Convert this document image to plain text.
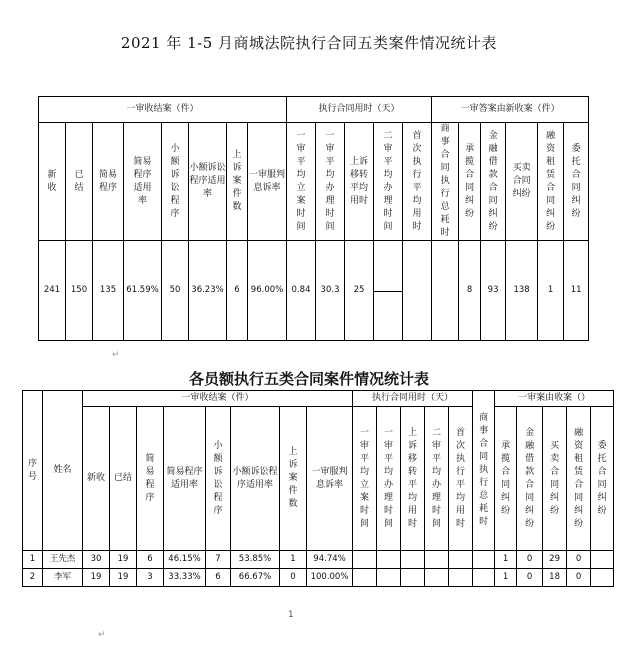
2021 年 1-5 月商城法院执行合同五类案件情况统计表
一审收结案（件）								执行合同用时（天）					一审答案由新收案（件）					
新收	已结	简易程序	简易程序适用率	小额诉讼程序	小额诉讼程序适用率	上诉案件数	一审服判息诉率	一审平均立案时间	一审平均办理时间	上诉移转平均用时	二审平均办理时间	首次执行平均用时	商事合同执行总耗时	承揽合同纠纷	金融借款合同纠纷	买卖合同纠纷	融资租赁合同纠纷	委托合同纠纷
241	150	135	61.59%	50	36.23%	6	96.00%	0.84	30.3	25				8	93	138	1	11
↵
各员额执行五类合同案件情况统计表
序号	姓名	一审收结案（件）								执行合同用时（天）					商事合同执行总耗时	一审案由收案（）				
		新收	已结	简易程序	简易程序适用率	小额诉讼程序	小额诉讼程序适用率	上诉案件数	一审服判息诉率	一审平均立案时间	一审平均办理时间	上诉移转平均用时	二审平均办理时间	首次执行平均用时		承揽合同纠纷	金融借款合同纠纷	买卖合同纠纷	融资租赁合同纠纷	委托合同纠纷
1	王先杰	30	19	6	46.15%	7	53.85%	1	94.74%							1	0	29	0	
2	李军	19	19	3	33.33%	6	66.67%	0	100.00%							1	0	18	0	
1
↵
